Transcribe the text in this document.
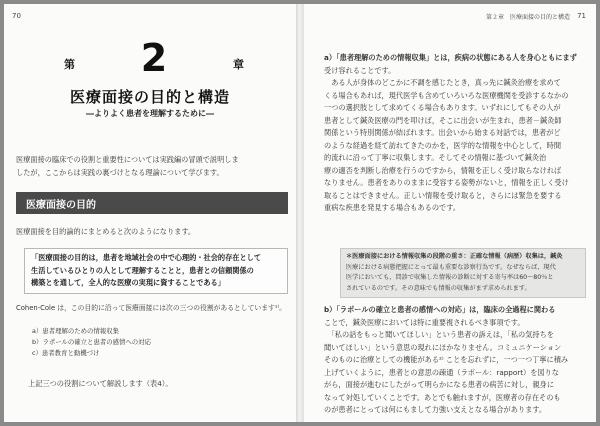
70
第	2	章
医療面接の目的と構造
―よりよく患者を理解するために―
医療面接の臨床での役割と重要性については実践編の冒頭で説明しま
したが，ここからは実践の裏づけとなる理論について学びます。
医療面接の目的
医療面接を目的論的にまとめると次のようになります。
「医療面接の目的は，患者を地域社会の中で心理的・社会的存在として
生活しているひとりの人として理解することと，患者との信頼関係の
構築とを通して，全人的な医療の実現に資することである」
Cohen-Cole は，この目的に沿って医療面接には次の三つの役割があるとしています¹⁾。
a）患者理解のための情報収集
b）ラポールの確立と患者の感情への対応
c）患者教育と動機づけ
上記三つの役割について解説します（表4）。
第２章　医療面接の目的と構造 71
a）「患者理解のための情報収集」とは，疾病の状態にある人を身心ともにまず
受け容れることです。
　ある人が身体のどこかに不調を感じたとき，真っ先に鍼灸治療を求めて
くる場合もあれば，現代医学も含めていろいろな医療機関を受診するなかの
一つの選択肢として求めてくる場合もあります。いずれにしてもその人が
患者として鍼灸医療の門を叩けば，そこに出会いが生まれ，患者－鍼灸師
関係という特別関係が結ばれます。出会いから始まる対話では，患者がど
のような経過を経て訪れてきたのかを，医学的な情報を中心として，時間
的流れに沿って丁寧に収集します。そしてその情報に基づいて鍼灸治
療の適否を判断し治療を行うのですから，情報を正しく受け取らなければ
なりません。患者をありのままに受容する姿勢がないと，情報を正しく受け
取ることはできません。正しい情報を受け取ると，さらには緊急を要する
重病な疾患を発見する場合もあるのです。
＊医療面接における情報収集の段階の重さ：正確な情報（病歴）収集は，鍼灸
医療における病態把握にとって最も重要な診察行為です。なぜならば，現代
医学においても，問診で収集した情報の診断に対する寄与率は60～80％と
されているのです。その意味でも情報の収集がまず求められます。
b）「ラポールの確立と患者の感情への対応」は，臨床の全過程に関わる
ことで，鍼灸医療においては特に重要視されるべき事項です。
　「私の話をもっと聞いてほしい」という患者の訴えは，「私の気持ちを
聞いてほしい」という意思の現れにほかなりません。コミュニケーション
そのものに治療としての機能がある²⁾ ことを忘れずに，一つ一つ丁寧に積み
上げていくように，患者との意思の疎通（ラポール：rapport）を図りな
がら，面接が進むにしたがって明らかになる患者の病苦に対し，親身に
なって対処していくことです。あとでも触れますが，医療者の存在そのも
のが患者にとっては何にもまして力強い支えとなる場合があります。
